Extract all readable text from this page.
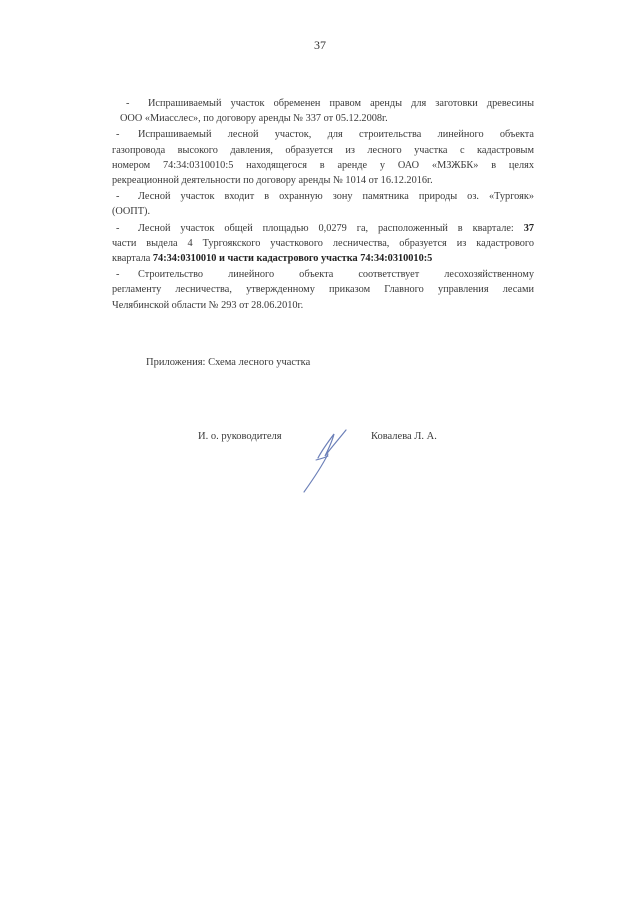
37
- Испрашиваемый участок обременен правом аренды для заготовки древесины
ООО «Миасслес», по договору аренды № 337 от 05.12.2008г.
- Испрашиваемый лесной участок, для строительства линейного объекта
газопровода высокого давления, образуется из лесного участка с кадастровым
номером 74:34:0310010:5 находящегося в аренде у ОАО «МЗЖБК» в целях
рекреационной деятельности по договору аренды № 1014 от 16.12.2016г.
- Лесной участок входит в охранную зону памятника природы оз. «Тургояк»
(ООПТ).
- Лесной участок общей площадью 0,0279 га, расположенный в квартале: 37
части выдела 4 Тургоякского участкового лесничества, образуется из кадастрового
квартала 74:34:0310010 и части кадастрового участка 74:34:0310010:5
- Строительство линейного объекта соответствует лесохозяйственному
регламенту лесничества, утвержденному приказом Главного управления лесами
Челябинской области № 293 от 28.06.2010г.
Приложения: Схема лесного участка
И. о. руководителя	Ковалева Л. А.
